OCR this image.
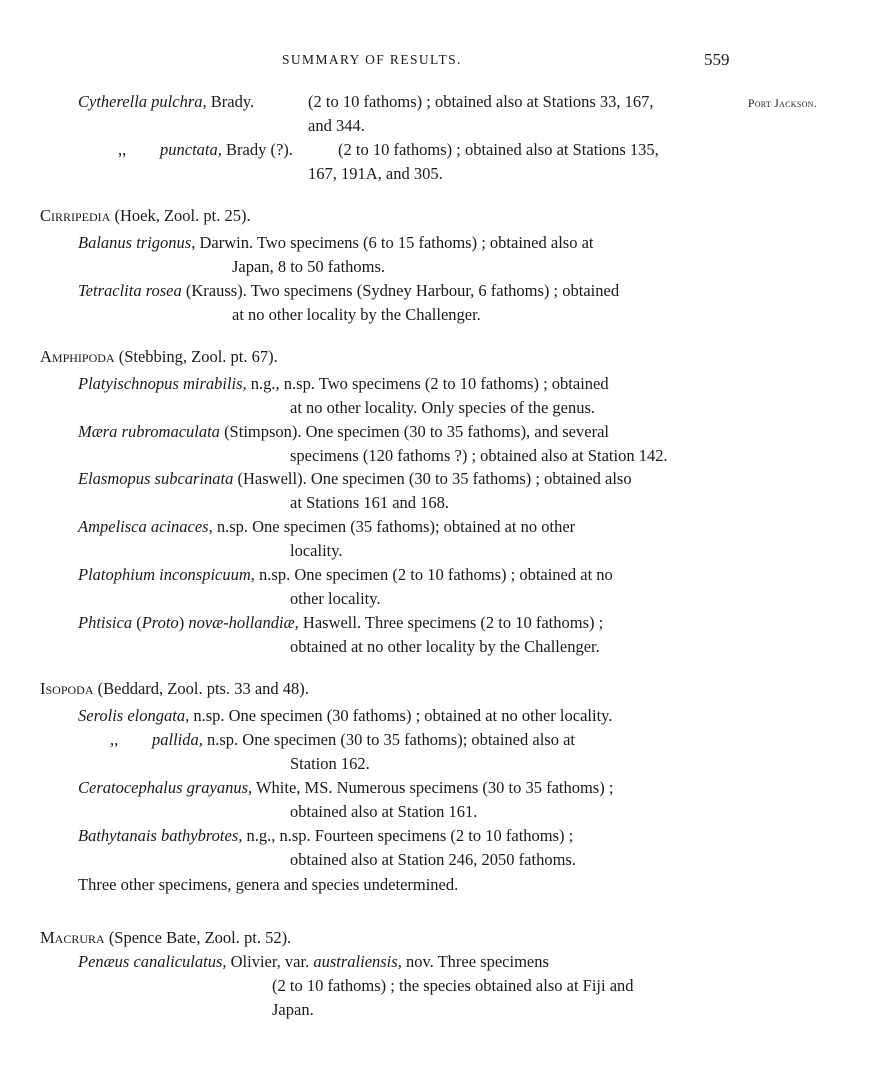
SUMMARY OF RESULTS.	559
Port Jackson.
Cytherella pulchra, Brady.	(2 to 10 fathoms) ; obtained also at Stations 33, 167,
and 344.
,, punctata, Brady (?).	(2 to 10 fathoms) ; obtained also at Stations 135,
167, 191A, and 305.
Cirripedia (Hoek, Zool. pt. 25).
Balanus trigonus, Darwin. Two specimens (6 to 15 fathoms) ; obtained also at
Japan, 8 to 50 fathoms.
Tetraclita rosea (Krauss). Two specimens (Sydney Harbour, 6 fathoms) ; obtained
at no other locality by the Challenger.
Amphipoda (Stebbing, Zool. pt. 67).
Platyischnopus mirabilis, n.g., n.sp. Two specimens (2 to 10 fathoms) ; obtained
at no other locality. Only species of the genus.
Mæra rubromaculata (Stimpson). One specimen (30 to 35 fathoms), and several
specimens (120 fathoms ?) ; obtained also at Station 142.
Elasmopus subcarinata (Haswell). One specimen (30 to 35 fathoms) ; obtained also
at Stations 161 and 168.
Ampelisca acinaces, n.sp. One specimen (35 fathoms); obtained at no other
locality.
Platophium inconspicuum, n.sp. One specimen (2 to 10 fathoms) ; obtained at no
other locality.
Phtisica (Proto) novæ-hollandiæ, Haswell. Three specimens (2 to 10 fathoms) ;
obtained at no other locality by the Challenger.
Isopoda (Beddard, Zool. pts. 33 and 48).
Serolis elongata, n.sp. One specimen (30 fathoms) ; obtained at no other locality.
,, pallida, n.sp. One specimen (30 to 35 fathoms); obtained also at
Station 162.
Ceratocephalus grayanus, White, MS. Numerous specimens (30 to 35 fathoms) ;
obtained also at Station 161.
Bathytanais bathybrotes, n.g., n.sp. Fourteen specimens (2 to 10 fathoms) ;
obtained also at Station 246, 2050 fathoms.
Three other specimens, genera and species undetermined.
Macrura (Spence Bate, Zool. pt. 52).
Penæus canaliculatus, Olivier, var. australiensis, nov. Three specimens
(2 to 10 fathoms) ; the species obtained also at Fiji and
Japan.
